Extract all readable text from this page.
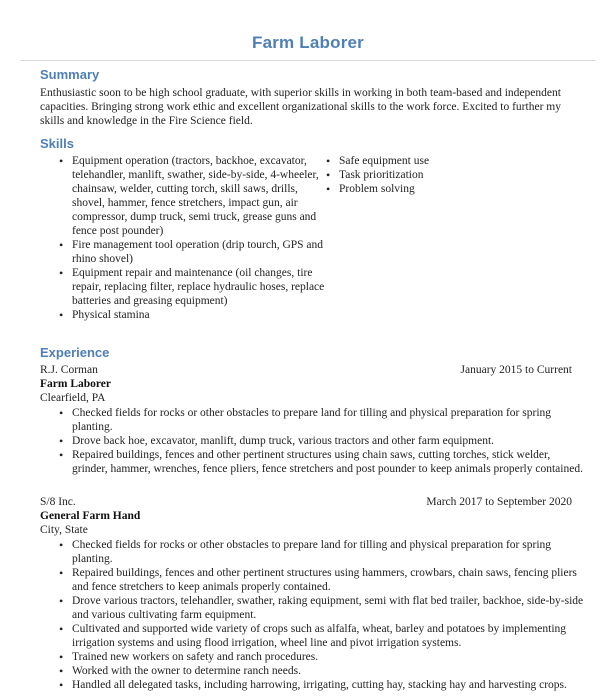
Farm Laborer
Summary
Enthusiastic soon to be high school graduate, with superior skills in working in both team-based and independent capacities. Bringing strong work ethic and excellent organizational skills to the work force. Excited to further my skills and knowledge in the Fire Science field.
Skills
• Equipment operation (tractors, backhoe, excavator, telehandler, manlift, swather, side-by-side, 4-wheeler, chainsaw, welder, cutting torch, skill saws, drills, shovel, hammer, fence stretchers, impact gun, air compressor, dump truck, semi truck, grease guns and fence post pounder)
• Fire management tool operation (drip tourch, GPS and rhino shovel)
• Equipment repair and maintenance (oil changes, tire repair, replacing filter, replace hydraulic hoses, replace batteries and greasing equipment)
• Physical stamina
• Safe equipment use
• Task prioritization
• Problem solving
Experience
R.J. Corman	January 2015 to Current
Farm Laborer
Clearfield, PA
• Checked fields for rocks or other obstacles to prepare land for tilling and physical preparation for spring planting.
• Drove back hoe, excavator, manlift, dump truck, various tractors and other farm equipment.
• Repaired buildings, fences and other pertinent structures using chain saws, cutting torches, stick welder, grinder, hammer, wrenches, fence pliers, fence stretchers and post pounder to keep animals properly contained.
S/8 Inc.	March 2017 to September 2020
General Farm Hand
City, State
• Checked fields for rocks or other obstacles to prepare land for tilling and physical preparation for spring planting.
• Repaired buildings, fences and other pertinent structures using hammers, crowbars, chain saws, fencing pliers and fence stretchers to keep animals properly contained.
• Drove various tractors, telehandler, swather, raking equipment, semi with flat bed trailer, backhoe, side-by-side and various cultivating farm equipment.
• Cultivated and supported wide variety of crops such as alfalfa, wheat, barley and potatoes by implementing irrigation systems and using flood irrigation, wheel line and pivot irrigation systems.
• Trained new workers on safety and ranch procedures.
• Worked with the owner to determine ranch needs.
• Handled all delegated tasks, including harrowing, irrigating, cutting hay, stacking hay and harvesting crops.
